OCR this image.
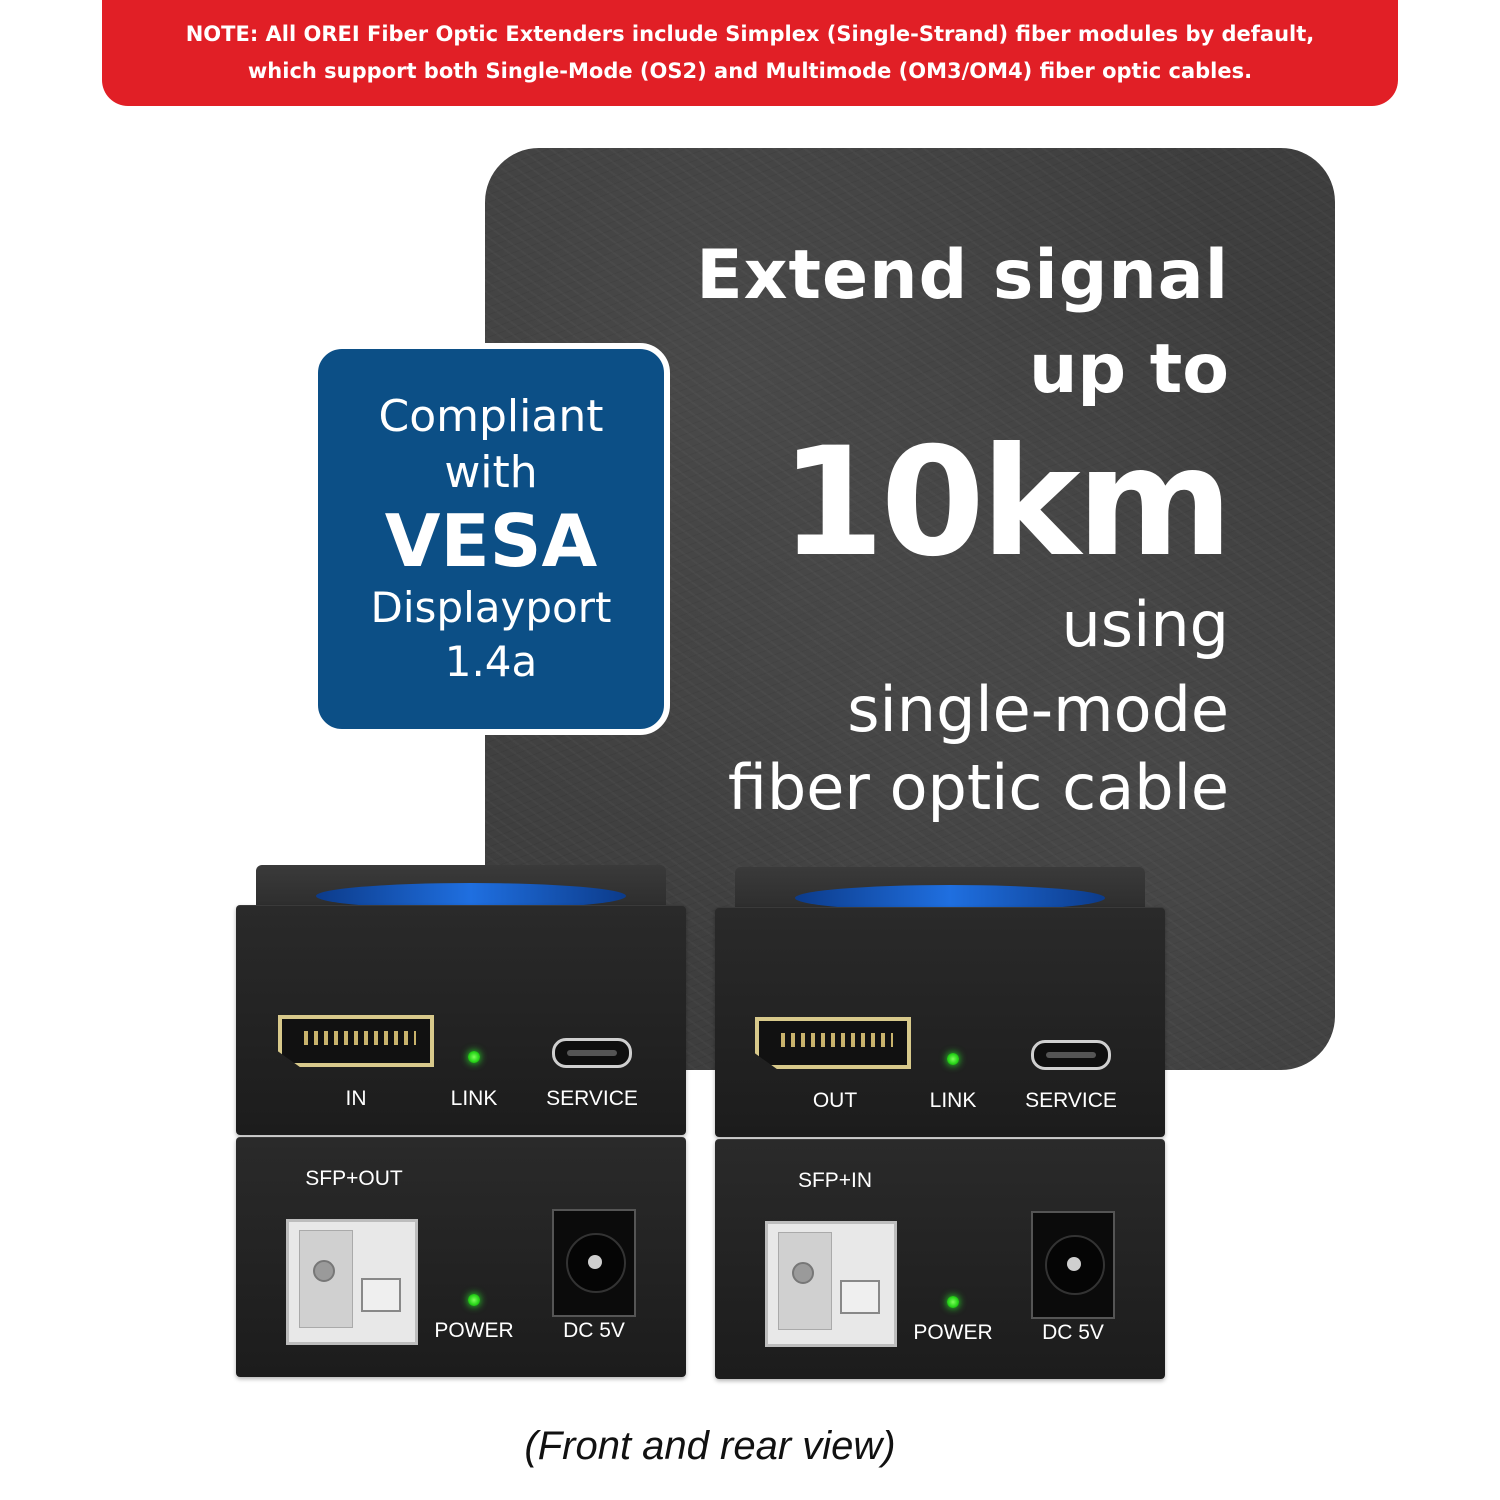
NOTE: All OREI Fiber Optic Extenders include Simplex (Single-Strand) fiber modules by default,
which support both Single-Mode (OS2) and Multimode (OM3/OM4) fiber optic cables.
Extend signal
up to
10km
using
single-mode
fiber optic cable
Compliant
with
VESA
Displayport
1.4a
IN	LINK	SERVICE
SFP+OUT
POWER	DC 5V
OUT	LINK	SERVICE
SFP+IN
POWER	DC 5V
(Front and rear view)
